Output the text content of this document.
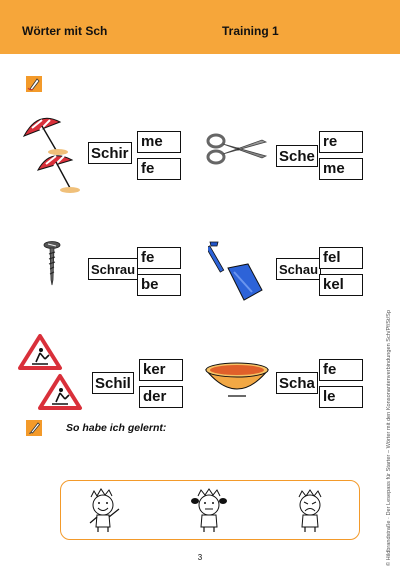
Wörter mit Sch	Training 1
Schir
me
fe
Sche
re
me
Schrau
fe
be
Schau
fel
kel
Schil
ker
der
Scha
fe
le
So habe ich gelernt:
3	© Hildbrandstraße · Der Lesepass für Starter – Wörter mit den Konsonantenverbindungen Sch/Pf/St/Sp
